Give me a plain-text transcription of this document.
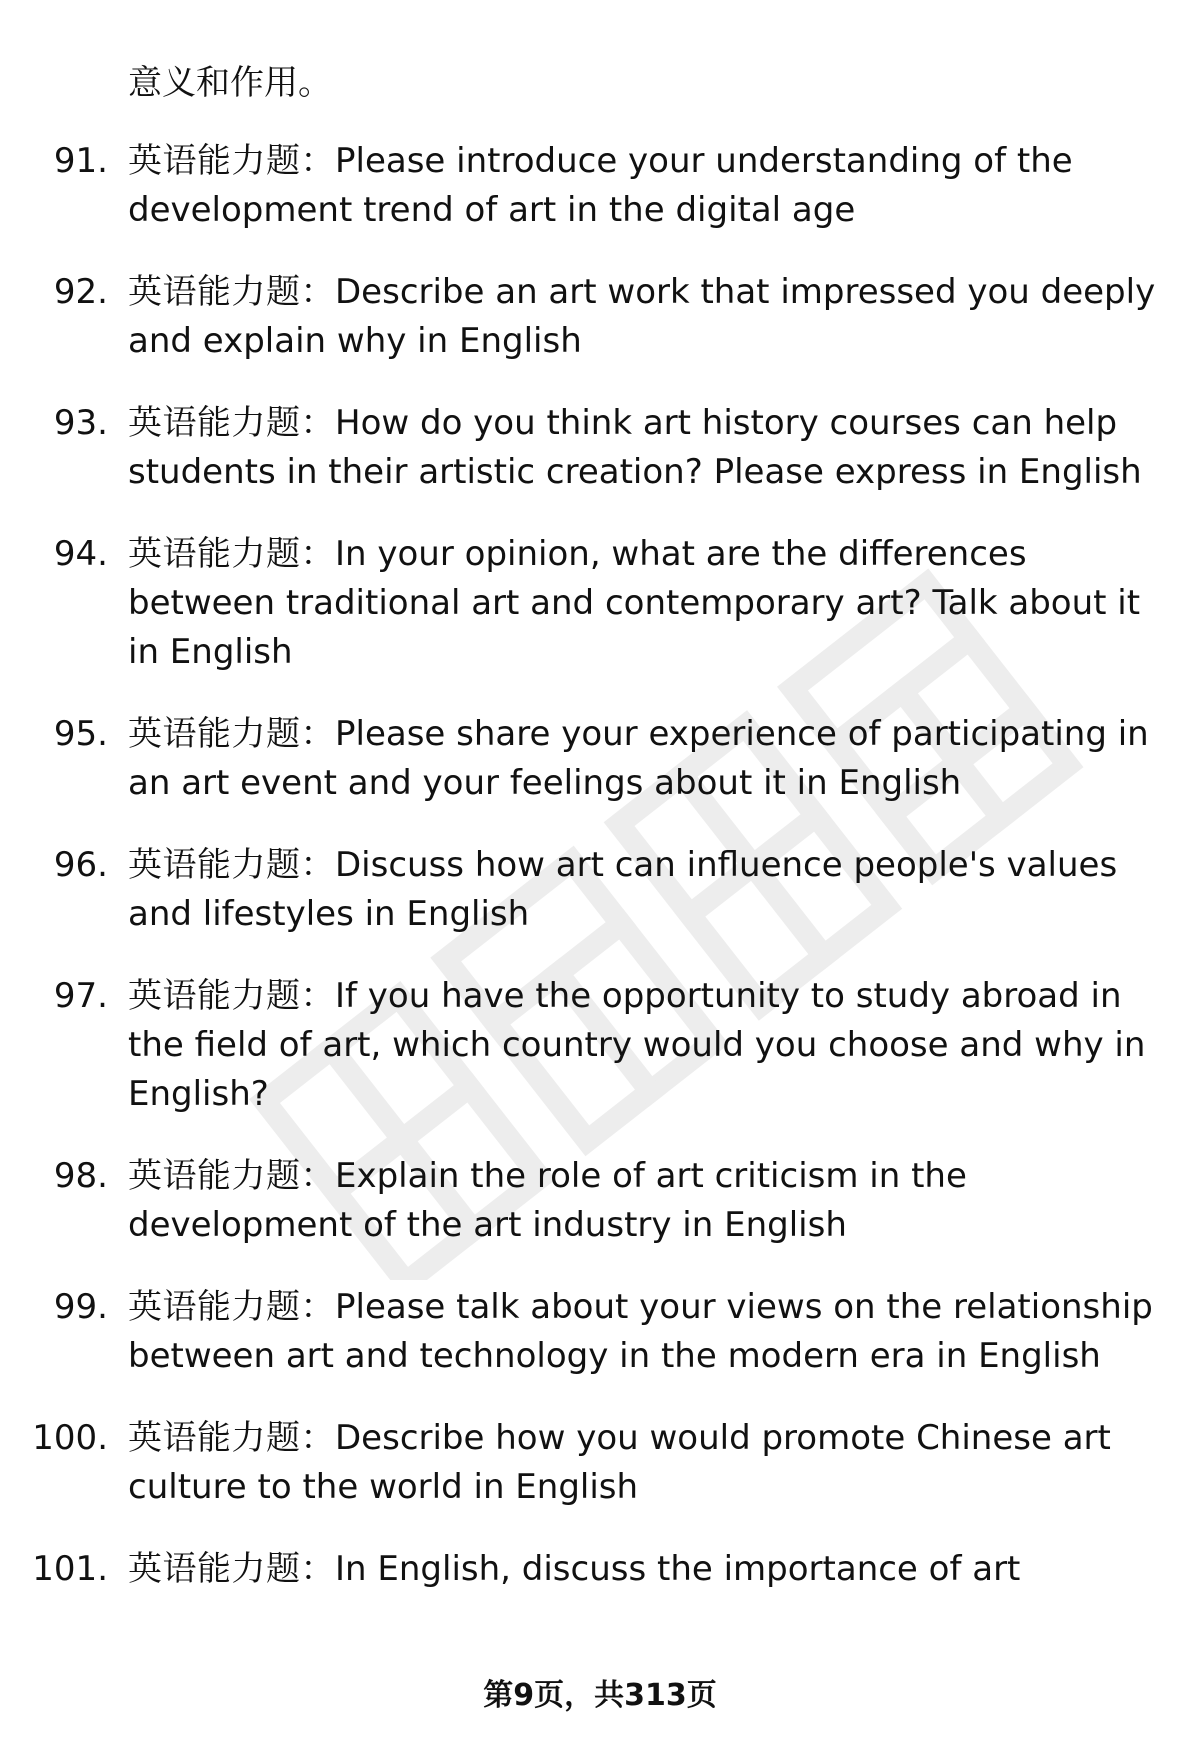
意义和作用。
91. 英语能力题：Please introduce your understanding of the development trend of art in the digital age
92. 英语能力题：Describe an art work that impressed you deeply and explain why in English
93. 英语能力题：How do you think art history courses can help students in their artistic creation? Please express in English
94. 英语能力题：In your opinion, what are the differences between traditional art and contemporary art? Talk about it in English
95. 英语能力题：Please share your experience of participating in an art event and your feelings about it in English
96. 英语能力题：Discuss how art can influence people's values and lifestyles in English
97. 英语能力题：If you have the opportunity to study abroad in the field of art, which country would you choose and why in English?
98. 英语能力题：Explain the role of art criticism in the development of the art industry in English
99. 英语能力题：Please talk about your views on the relationship between art and technology in the modern era in English
100. 英语能力题：Describe how you would promote Chinese art culture to the world in English
101. 英语能力题：In English, discuss the importance of art
第9页，共313页
